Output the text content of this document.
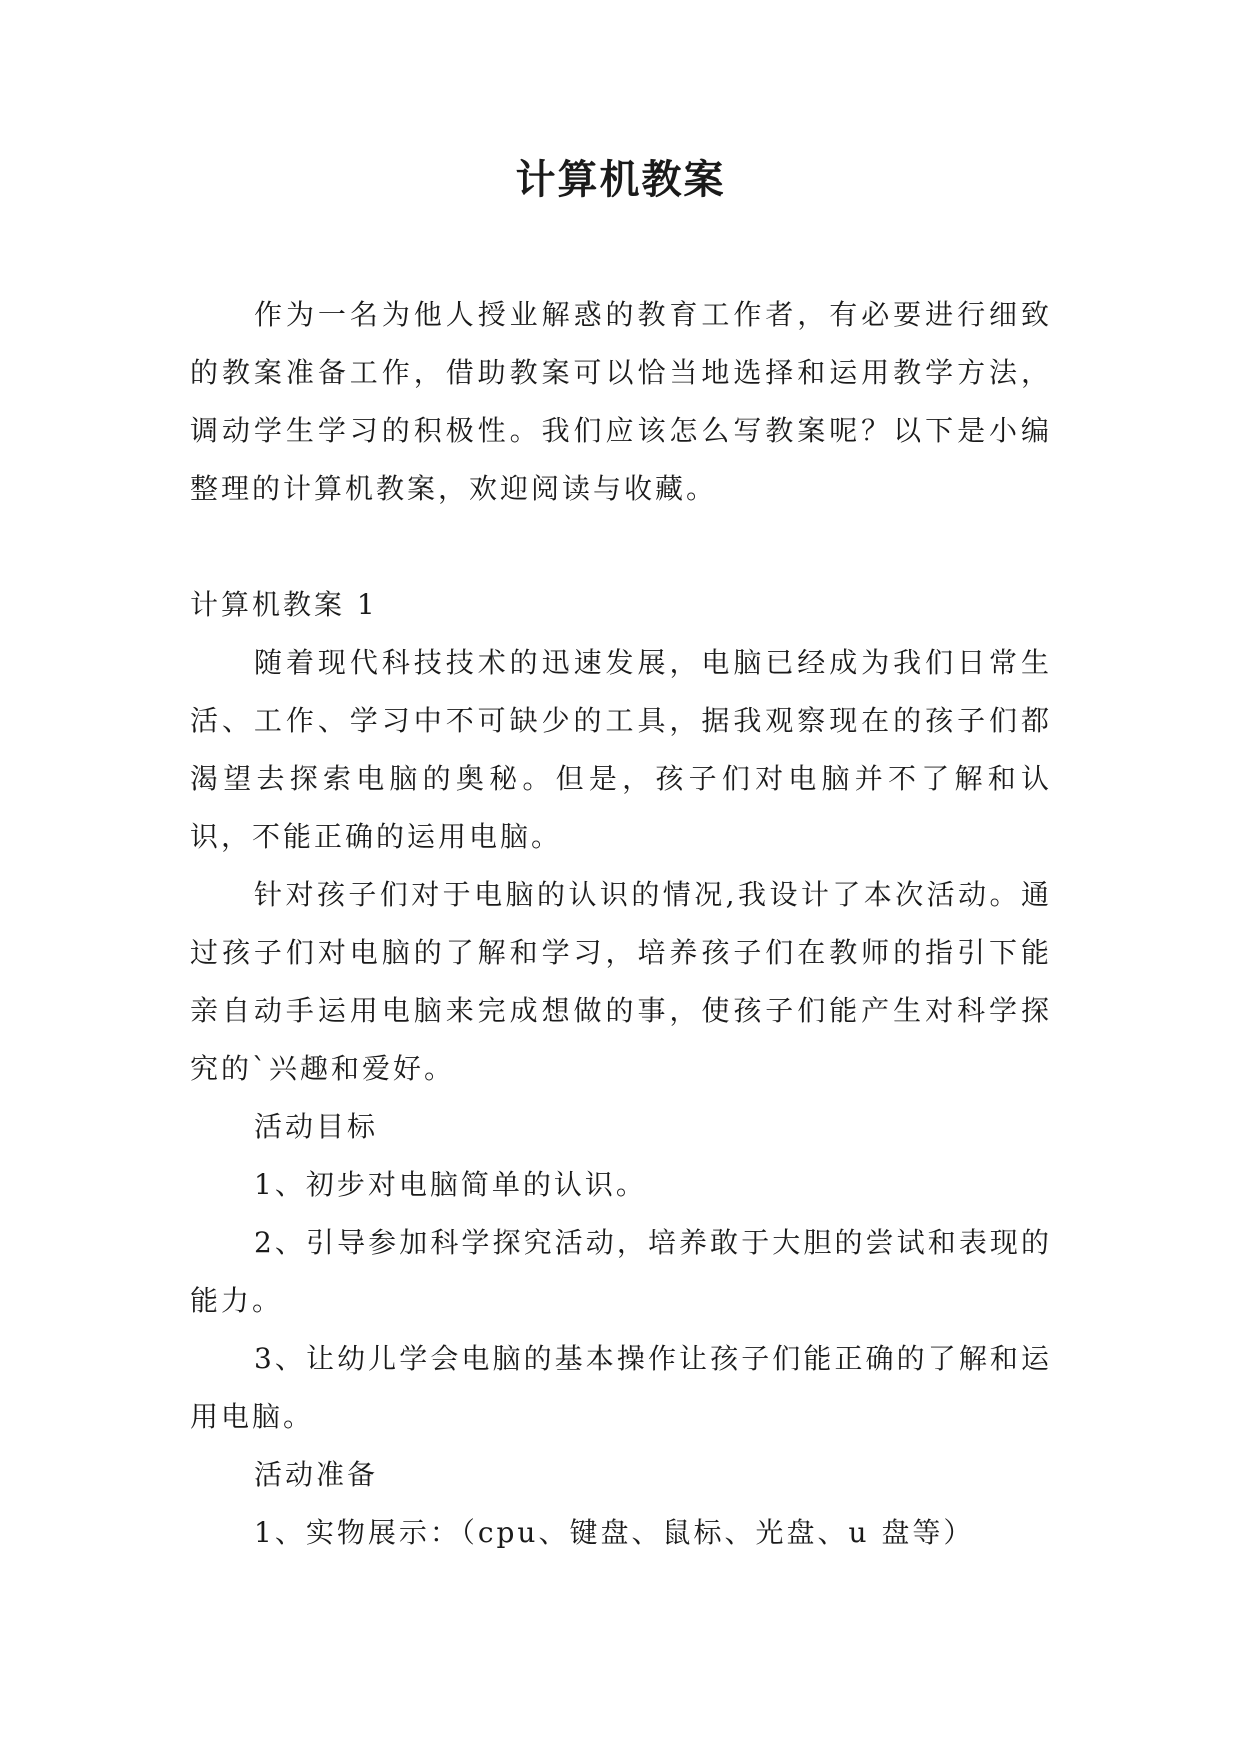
计算机教案

作为一名为他人授业解惑的教育工作者，有必要进行细致的教案准备工作，借助教案可以恰当地选择和运用教学方法，调动学生学习的积极性。我们应该怎么写教案呢？以下是小编整理的计算机教案，欢迎阅读与收藏。

计算机教案 1

随着现代科技技术的迅速发展，电脑已经成为我们日常生活、工作、学习中不可缺少的工具，据我观察现在的孩子们都渴望去探索电脑的奥秘。但是，孩子们对电脑并不了解和认识，不能正确的运用电脑。

针对孩子们对于电脑的认识的情况,我设计了本次活动。通过孩子们对电脑的了解和学习，培养孩子们在教师的指引下能亲自动手运用电脑来完成想做的事，使孩子们能产生对科学探究的`兴趣和爱好。

活动目标

1、初步对电脑简单的认识。

2、引导参加科学探究活动，培养敢于大胆的尝试和表现的能力。

3、让幼儿学会电脑的基本操作让孩子们能正确的了解和运用电脑。

活动准备

1、实物展示：（cpu、键盘、鼠标、光盘、u 盘等）
